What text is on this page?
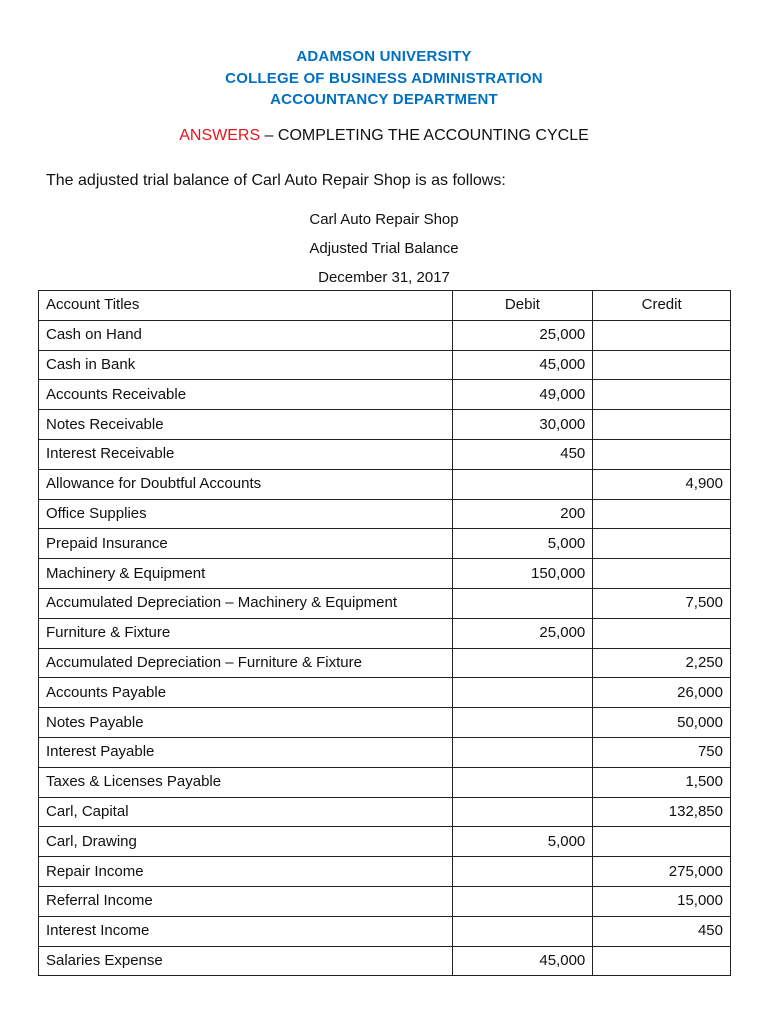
ADAMSON UNIVERSITY
COLLEGE OF BUSINESS ADMINISTRATION
ACCOUNTANCY DEPARTMENT
ANSWERS – COMPLETING THE ACCOUNTING CYCLE
The adjusted trial balance of Carl Auto Repair Shop is as follows:
Carl Auto Repair Shop
Adjusted Trial Balance
December 31, 2017
Account Titles	Debit	Credit
Cash on Hand	25,000	
Cash in Bank	45,000	
Accounts Receivable	49,000	
Notes Receivable	30,000	
Interest Receivable	450	
Allowance for Doubtful Accounts		4,900
Office Supplies	200	
Prepaid Insurance	5,000	
Machinery & Equipment	150,000	
Accumulated Depreciation – Machinery & Equipment		7,500
Furniture & Fixture	25,000	
Accumulated Depreciation – Furniture & Fixture		2,250
Accounts Payable		26,000
Notes Payable		50,000
Interest Payable		750
Taxes & Licenses Payable		1,500
Carl, Capital		132,850
Carl, Drawing	5,000	
Repair Income		275,000
Referral Income		15,000
Interest Income		450
Salaries Expense	45,000	
